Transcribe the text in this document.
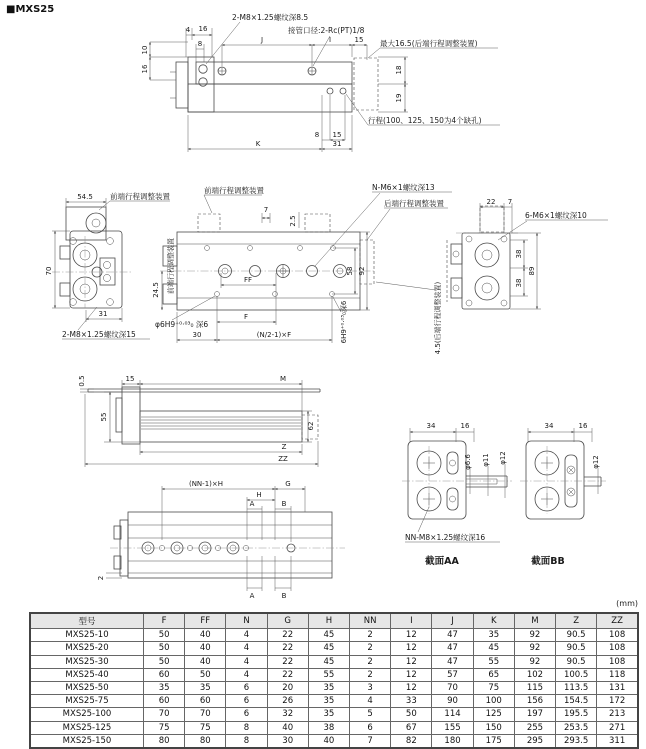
■MXS25
2-M8×1.25螺纹深8.5
接管口径:2-Rc(PT)1/8
最大16.5(后端行程调整装置)
行程(100、125、150为4个缺孔)
4 16
8	J	I	15
10
16	18
19
8 15
31
K
54.5 前端行程调整装置
70
31
2-M8×1.25螺纹深15
前端行程调整装置
7
2.5
N-M6×1螺纹深13
后端行程调整装置
前端行程调整装置
24.5
FF
F
30	(N/2-1)×F
58 92
4.5(后端行程调整装置)
6H9⁺⁰·⁰³₀深6
φ6H9⁺⁰·⁰³₀ 深6
22 7
6-M6×1螺纹深10
38
38
89
0.5	15	M
55
62
Z
ZZ
(NN-1)×H	G
H
A	B
A	B
2
34	16
φ6.6 φ11 φ12
NN-M8×1.25螺纹深16
截面AA
34	16
φ12
截面BB
(mm)
型号	F	FF	N	G	H	NN	I	J	K	M	Z	ZZ
MXS25-10	50	40	4	22	45	2	12	47	35	92	90.5	108
MXS25-20	50	40	4	22	45	2	12	47	45	92	90.5	108
MXS25-30	50	40	4	22	45	2	12	47	55	92	90.5	108
MXS25-40	60	50	4	22	55	2	12	57	65	102	100.5	118
MXS25-50	35	35	6	20	35	3	12	70	75	115	113.5	131
MXS25-75	60	60	6	26	35	4	33	90	100	156	154.5	172
MXS25-100	70	70	6	32	35	5	50	114	125	197	195.5	213
MXS25-125	75	75	8	40	38	6	67	155	150	255	253.5	271
MXS25-150	80	80	8	30	40	7	82	180	175	295	293.5	311
